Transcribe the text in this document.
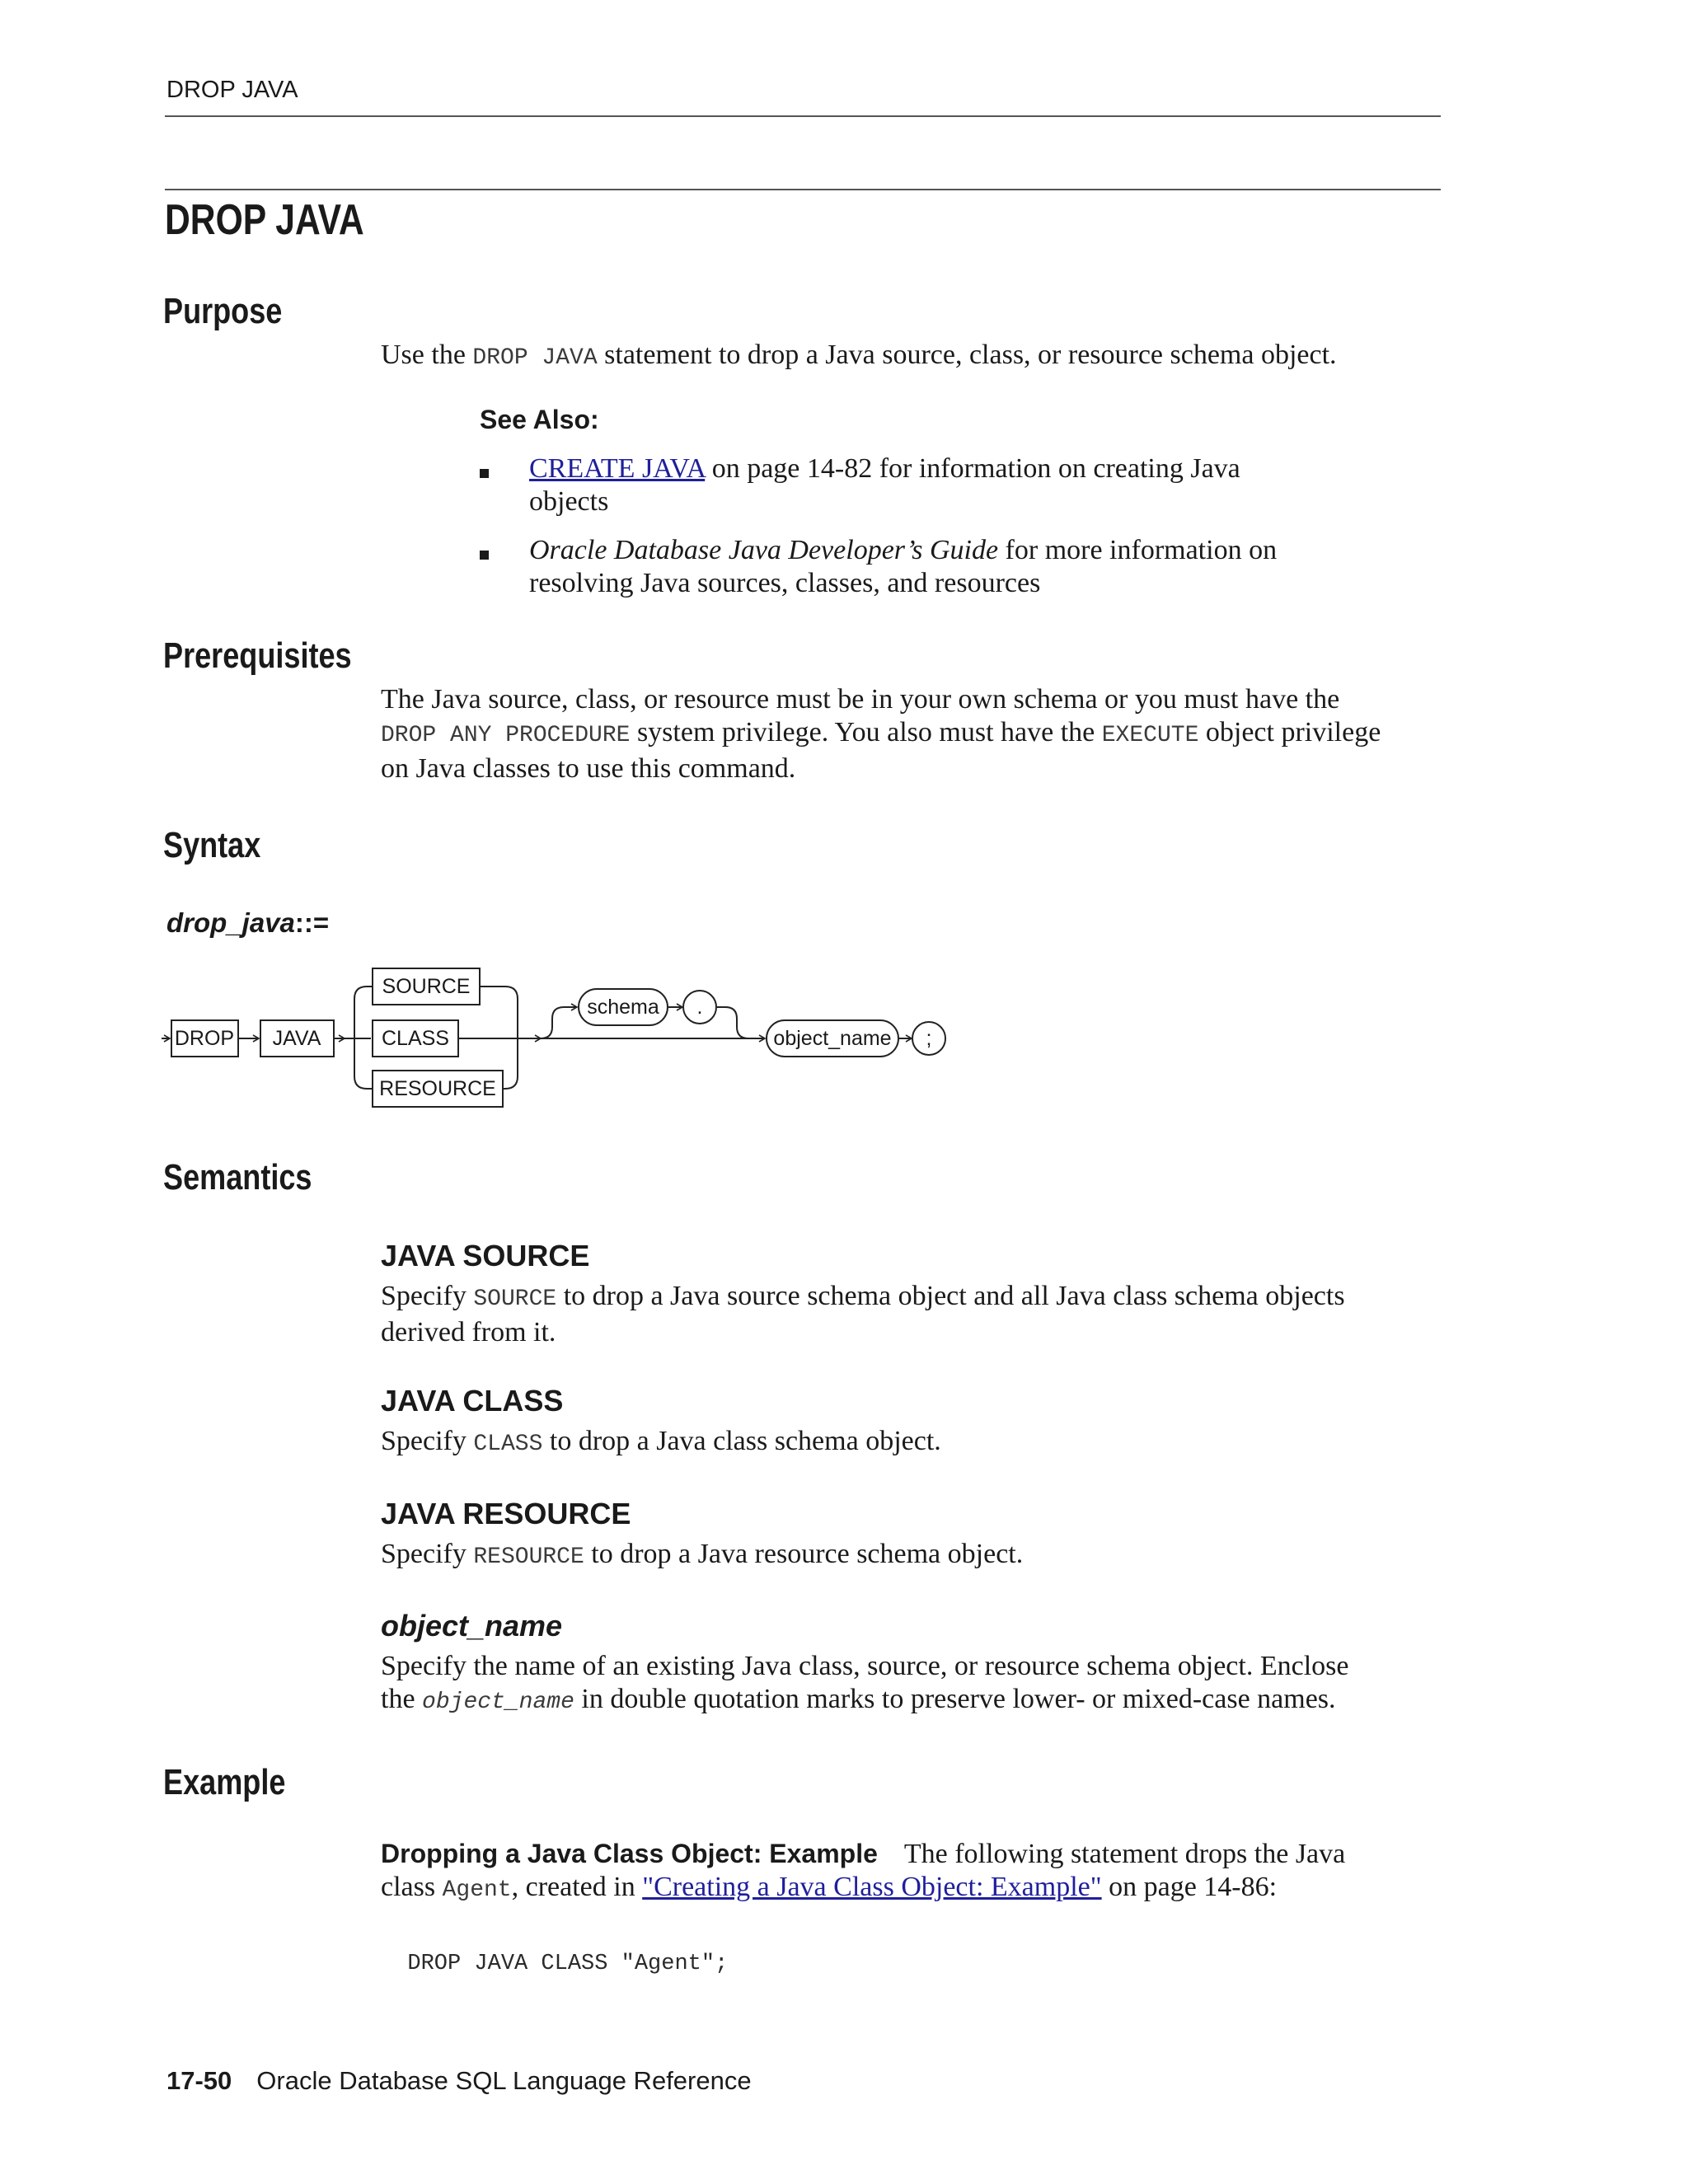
DROP JAVA
DROP JAVA
Purpose
Use the DROP JAVA statement to drop a Java source, class, or resource schema object.
See Also:
CREATE JAVA on page 14-82 for information on creating Java
objects
Oracle Database Java Developer’s Guide for more information on
resolving Java sources, classes, and resources
Prerequisites
The Java source, class, or resource must be in your own schema or you must have the
DROP ANY PROCEDURE system privilege. You also must have the EXECUTE object privilege
on Java classes to use this command.
Syntax
drop_java::=
DROP JAVA
SOURCE
CLASS
RESOURCE
schema .
object_name ;
Semantics
JAVA SOURCE
Specify SOURCE to drop a Java source schema object and all Java class schema objects
derived from it.
JAVA CLASS
Specify CLASS to drop a Java class schema object.
JAVA RESOURCE
Specify RESOURCE to drop a Java resource schema object.
object_name
Specify the name of an existing Java class, source, or resource schema object. Enclose
the object_name in double quotation marks to preserve lower- or mixed-case names.
Example
Dropping a Java Class Object: Example The following statement drops the Java
class Agent, created in "Creating a Java Class Object: Example" on page 14-86:

DROP JAVA CLASS "Agent";

17-50 Oracle Database SQL Language Reference
